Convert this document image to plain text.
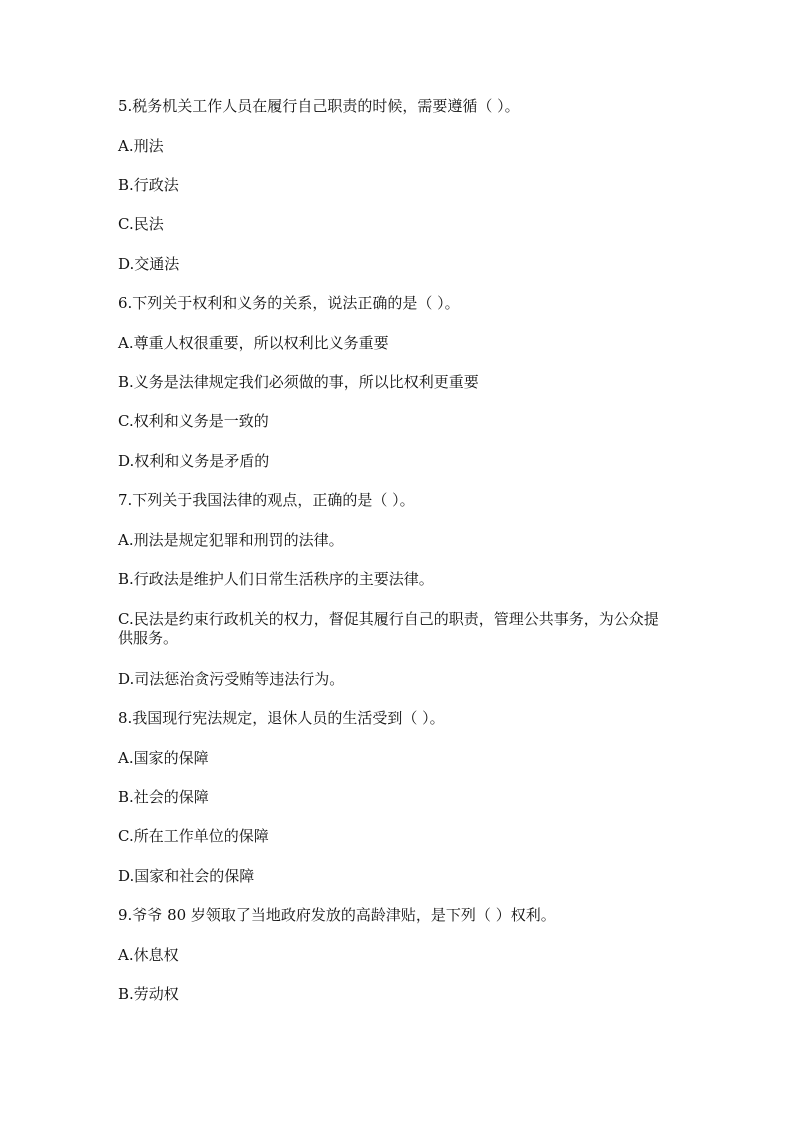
5.税务机关工作人员在履行自己职责的时候，需要遵循（ ）。
A.刑法
B.行政法
C.民法
D.交通法
6.下列关于权利和义务的关系，说法正确的是（ ）。
A.尊重人权很重要，所以权利比义务重要
B.义务是法律规定我们必须做的事，所以比权利更重要
C.权利和义务是一致的
D.权利和义务是矛盾的
7.下列关于我国法律的观点，正确的是（ ）。
A.刑法是规定犯罪和刑罚的法律。
B.行政法是维护人们日常生活秩序的主要法律。
C.民法是约束行政机关的权力，督促其履行自己的职责，管理公共事务，为公众提供服务。
D.司法惩治贪污受贿等违法行为。
8.我国现行宪法规定，退休人员的生活受到（ ）。
A.国家的保障
B.社会的保障
C.所在工作单位的保障
D.国家和社会的保障
9.爷爷 80 岁领取了当地政府发放的高龄津贴，是下列（ ）权利。
A.休息权
B.劳动权
